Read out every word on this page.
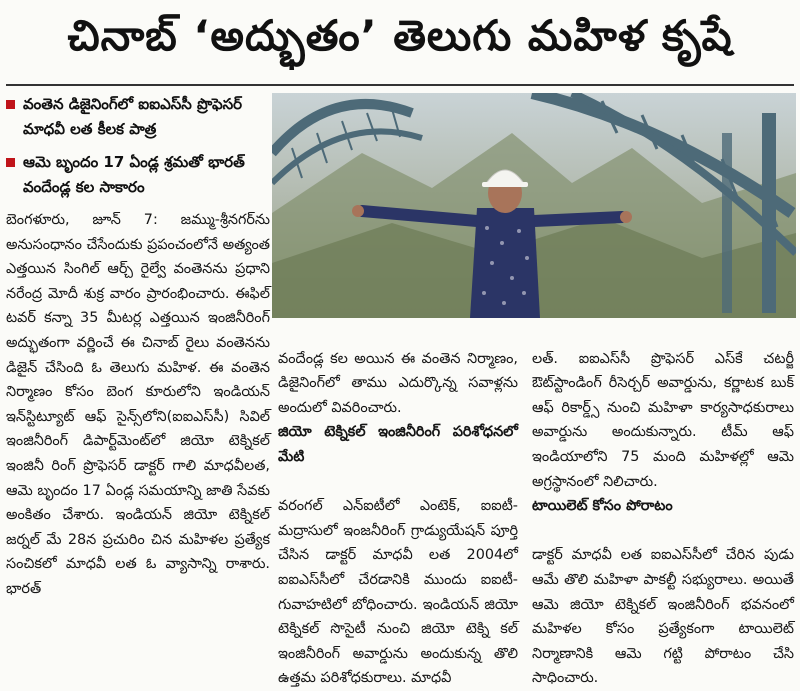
చినాబ్ ‘అద్భుతం’ తెలుగు మహిళ కృషే
వంతెన డిజైనింగ్‌లో ఐఐఎస్‌సీ ప్రొఫెసర్ మాధవీ లత కీలక పాత్ర
ఆమె బృందం 17 ఏండ్ల శ్రమతో భారత్ వందేండ్ల కల సాకారం
బెంగళూరు, జూన్ 7: జమ్ము-శ్రీనగర్‌ను అనుసంధానం చేసేందుకు ప్రపంచంలోనే అత్యంత ఎత్తయిన సింగిల్ ఆర్చ్ రైల్వే వంతెనను ప్రధాని నరేంద్ర మోదీ శుక్ర వారం ప్రారంభించారు. ఈఫిల్ టవర్ కన్నా 35 మీటర్ల ఎత్తయిన ఇంజినీరింగ్ అద్భుతంగా వర్ణించే ఈ చినాబ్ రైలు వంతెనను డిజైన్ చేసింది ఓ తెలుగు మహిళ. ఈ వంతెన నిర్మాణం కోసం బెంగ కూరులోని ఇండియన్ ఇన్‌స్టిట్యూట్ ఆఫ్ సైన్స్‌లోని(ఐఐఎస్‌సీ) సివిల్ ఇంజినీరింగ్ డిపార్ట్‌మెంట్‌లో జియో టెక్నికల్ ఇంజినీ రింగ్ ప్రొఫెసర్ డాక్టర్ గాలి మాధవీలత, ఆమె బృందం 17 ఏండ్ల సమయాన్ని జాతి సేవకు అంకితం చేశారు. ఇండియన్ జియో టెక్నికల్ జర్నల్ మే 28న ప్రచురిం చిన మహిళల ప్రత్యేక సంచికలో మాధవీ లత ఓ వ్యాసాన్ని రాశారు. భారత్

వందేండ్ల కల అయిన ఈ వంతెన నిర్మాణం, డిజైనింగ్‌లో తాము ఎదుర్కొన్న సవాళ్లను అందులో వివరించారు.

జియో టెక్నికల్ ఇంజినీరింగ్ పరిశోధనలో మేటి

వరంగల్ ఎన్ఐటీలో ఎంటెక్, ఐఐటీ-మద్రాసులో ఇంజనీరింగ్ గ్రాడ్యుయేషన్ పూర్తి చేసిన డాక్టర్ మాధవీ లత 2004లో ఐఐఎస్‌సీలో చేరడానికి ముందు ఐఐటీ-గువాహటిలో బోధించారు. ఇండియన్ జియో టెక్నికల్ సొసైటీ నుంచి జియో టెక్ని కల్ ఇంజినీరింగ్ అవార్డును అందుకున్న తొలి ఉత్తమ పరిశోధకురాలు. మాధవీ

లత్. ఐఐఎస్‌సీ ప్రొఫెసర్ ఎస్‌కే చటర్జీ ఔట్‌స్టాండింగ్ రీసెర్చర్ అవార్డును, కర్ణాటక బుక్ ఆఫ్ రికార్డ్స్ నుంచి మహిళా కార్యసాధకురాలు అవార్డును అందుకున్నారు. టీమ్ ఆఫ్ ఇండియాలోని 75 మంది మహిళల్లో ఆమె అగ్రస్థానంలో నిలిచారు.

టాయిలెట్ కోసం పోరాటం

డాక్టర్ మాధవీ లత ఐఐఎస్‌సీలో చేరిన పుడు ఆమే తొలి మహిళా పాకల్టీ సభ్యురాలు. అయితే ఆమె జియో టెక్నికల్ ఇంజినీరింగ్ భవనంలో మహిళల కోసం ప్రత్యేకంగా టాయిలెట్ నిర్మాణానికి ఆమె గట్టి పోరాటం చేసి సాధించారు.
